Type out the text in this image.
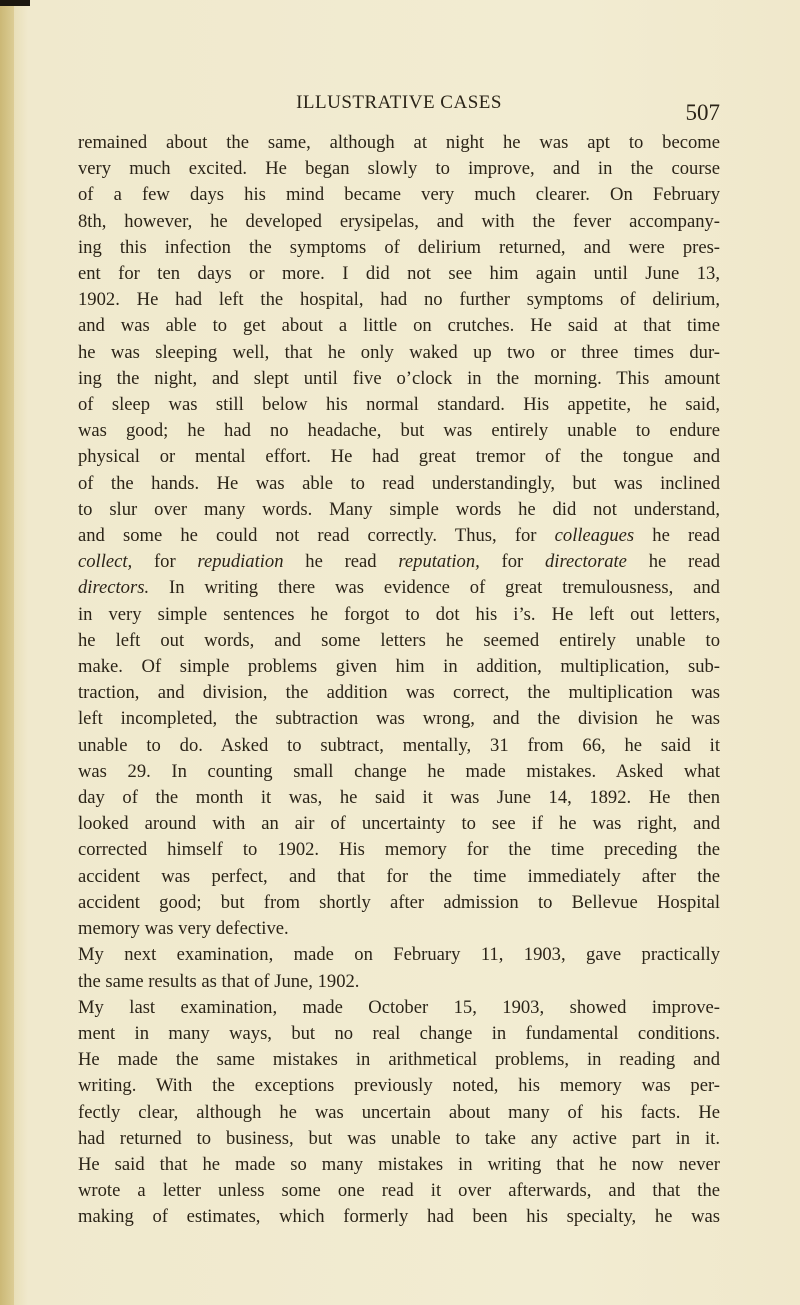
ILLUSTRATIVE CASES	507
remained about the same, although at night he was apt to become
very much excited. He began slowly to improve, and in the course
of a few days his mind became very much clearer. On February
8th, however, he developed erysipelas, and with the fever accompany-
ing this infection the symptoms of delirium returned, and were pres-
ent for ten days or more. I did not see him again until June 13,
1902. He had left the hospital, had no further symptoms of delirium,
and was able to get about a little on crutches. He said at that time
he was sleeping well, that he only waked up two or three times dur-
ing the night, and slept until five o’clock in the morning. This amount
of sleep was still below his normal standard. His appetite, he said,
was good; he had no headache, but was entirely unable to endure
physical or mental effort. He had great tremor of the tongue and
of the hands. He was able to read understandingly, but was inclined
to slur over many words. Many simple words he did not understand,
and some he could not read correctly. Thus, for colleagues he read
collect, for repudiation he read reputation, for directorate he read
directors. In writing there was evidence of great tremulousness, and
in very simple sentences he forgot to dot his i’s. He left out letters,
he left out words, and some letters he seemed entirely unable to
make. Of simple problems given him in addition, multiplication, sub-
traction, and division, the addition was correct, the multiplication was
left incompleted, the subtraction was wrong, and the division he was
unable to do. Asked to subtract, mentally, 31 from 66, he said it
was 29. In counting small change he made mistakes. Asked what
day of the month it was, he said it was June 14, 1892. He then
looked around with an air of uncertainty to see if he was right, and
corrected himself to 1902. His memory for the time preceding the
accident was perfect, and that for the time immediately after the
accident good; but from shortly after admission to Bellevue Hospital
memory was very defective.
My next examination, made on February 11, 1903, gave practically
the same results as that of June, 1902.
My last examination, made October 15, 1903, showed improve-
ment in many ways, but no real change in fundamental conditions.
He made the same mistakes in arithmetical problems, in reading and
writing. With the exceptions previously noted, his memory was per-
fectly clear, although he was uncertain about many of his facts. He
had returned to business, but was unable to take any active part in it.
He said that he made so many mistakes in writing that he now never
wrote a letter unless some one read it over afterwards, and that the
making of estimates, which formerly had been his specialty, he was
